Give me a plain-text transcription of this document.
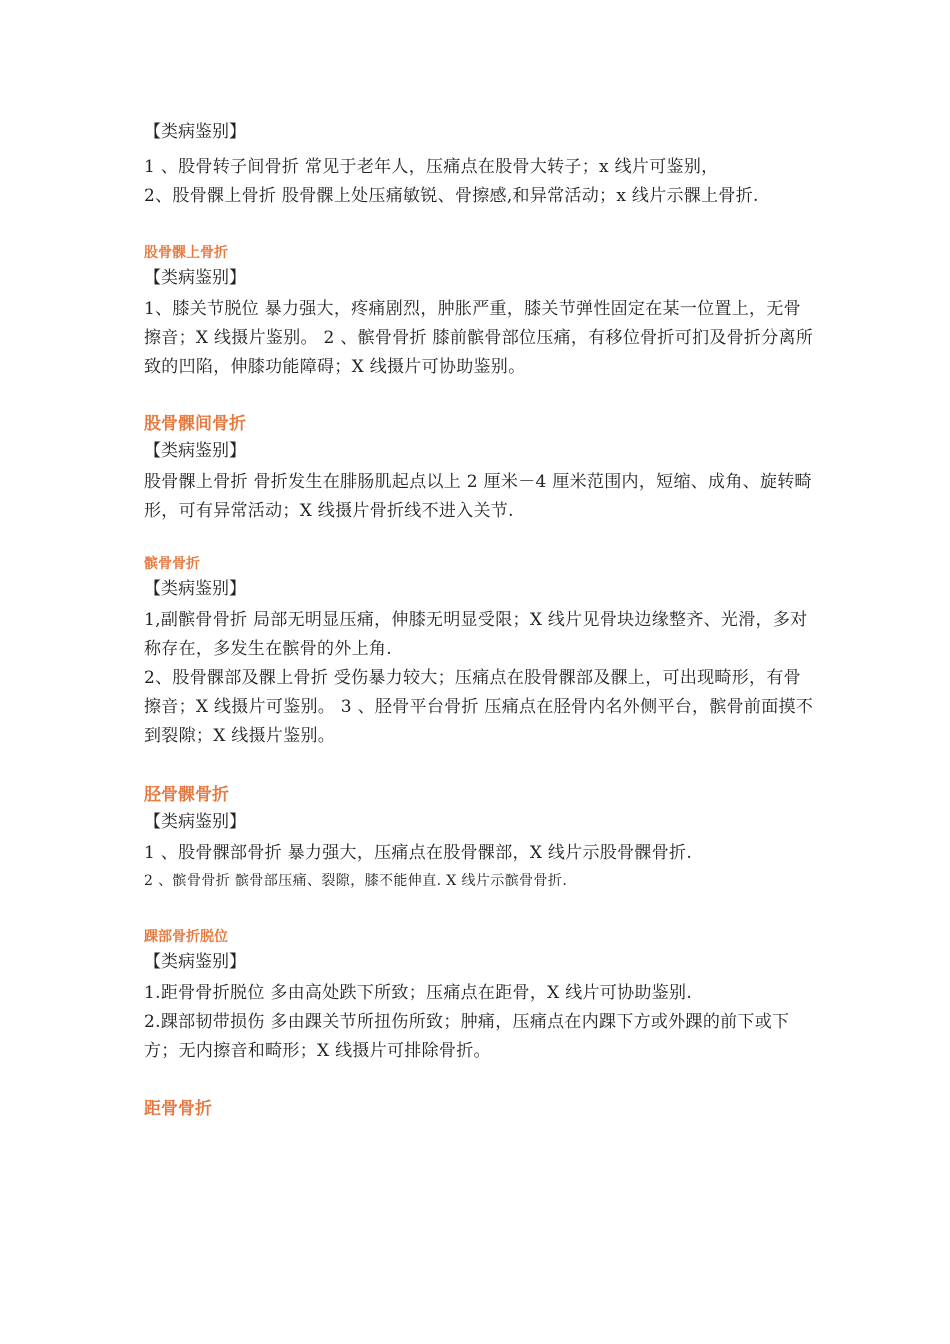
【类病鉴别】

1 、股骨转子间骨折 常见于老年人，压痛点在股骨大转子；x 线片可鉴别，

2、股骨髁上骨折 股骨髁上处压痛敏锐、骨擦感,和异常活动；x 线片示髁上骨折.

股骨髁上骨折

【类病鉴别】

1、膝关节脱位 暴力强大，疼痛剧烈，肿胀严重，膝关节弹性固定在某一位置上，无骨擦音；X 线摄片鉴别。 2 、髌骨骨折 膝前髌骨部位压痛，有移位骨折可扪及骨折分离所致的凹陷，伸膝功能障碍；X 线摄片可协助鉴别。

股骨髁间骨折

【类病鉴别】

股骨髁上骨折 骨折发生在腓肠肌起点以上 2 厘米－4 厘米范围内，短缩、成角、旋转畸形，可有异常活动；X 线摄片骨折线不进入关节.

髌骨骨折

【类病鉴别】

1,副髌骨骨折 局部无明显压痛，伸膝无明显受限；X 线片见骨块边缘整齐、光滑，多对称存在，多发生在髌骨的外上角.

2、股骨髁部及髁上骨折 受伤暴力较大；压痛点在股骨髁部及髁上，可出现畸形，有骨擦音；X 线摄片可鉴别。 3 、胫骨平台骨折 压痛点在胫骨内名外侧平台，髌骨前面摸不到裂隙；X 线摄片鉴别。

胫骨髁骨折

【类病鉴别】

1 、股骨髁部骨折 暴力强大，压痛点在股骨髁部，X 线片示股骨髁骨折.

2 、髌骨骨折 髌骨部压痛、裂隙，膝不能伸直. X 线片示髌骨骨折.

踝部骨折脱位

【类病鉴别】

1.距骨骨折脱位 多由高处跌下所致；压痛点在距骨，X 线片可协助鉴别.

2.踝部韧带损伤 多由踝关节所扭伤所致；肿痛，压痛点在内踝下方或外踝的前下或下方；无内擦音和畸形；X 线摄片可排除骨折。

距骨骨折
